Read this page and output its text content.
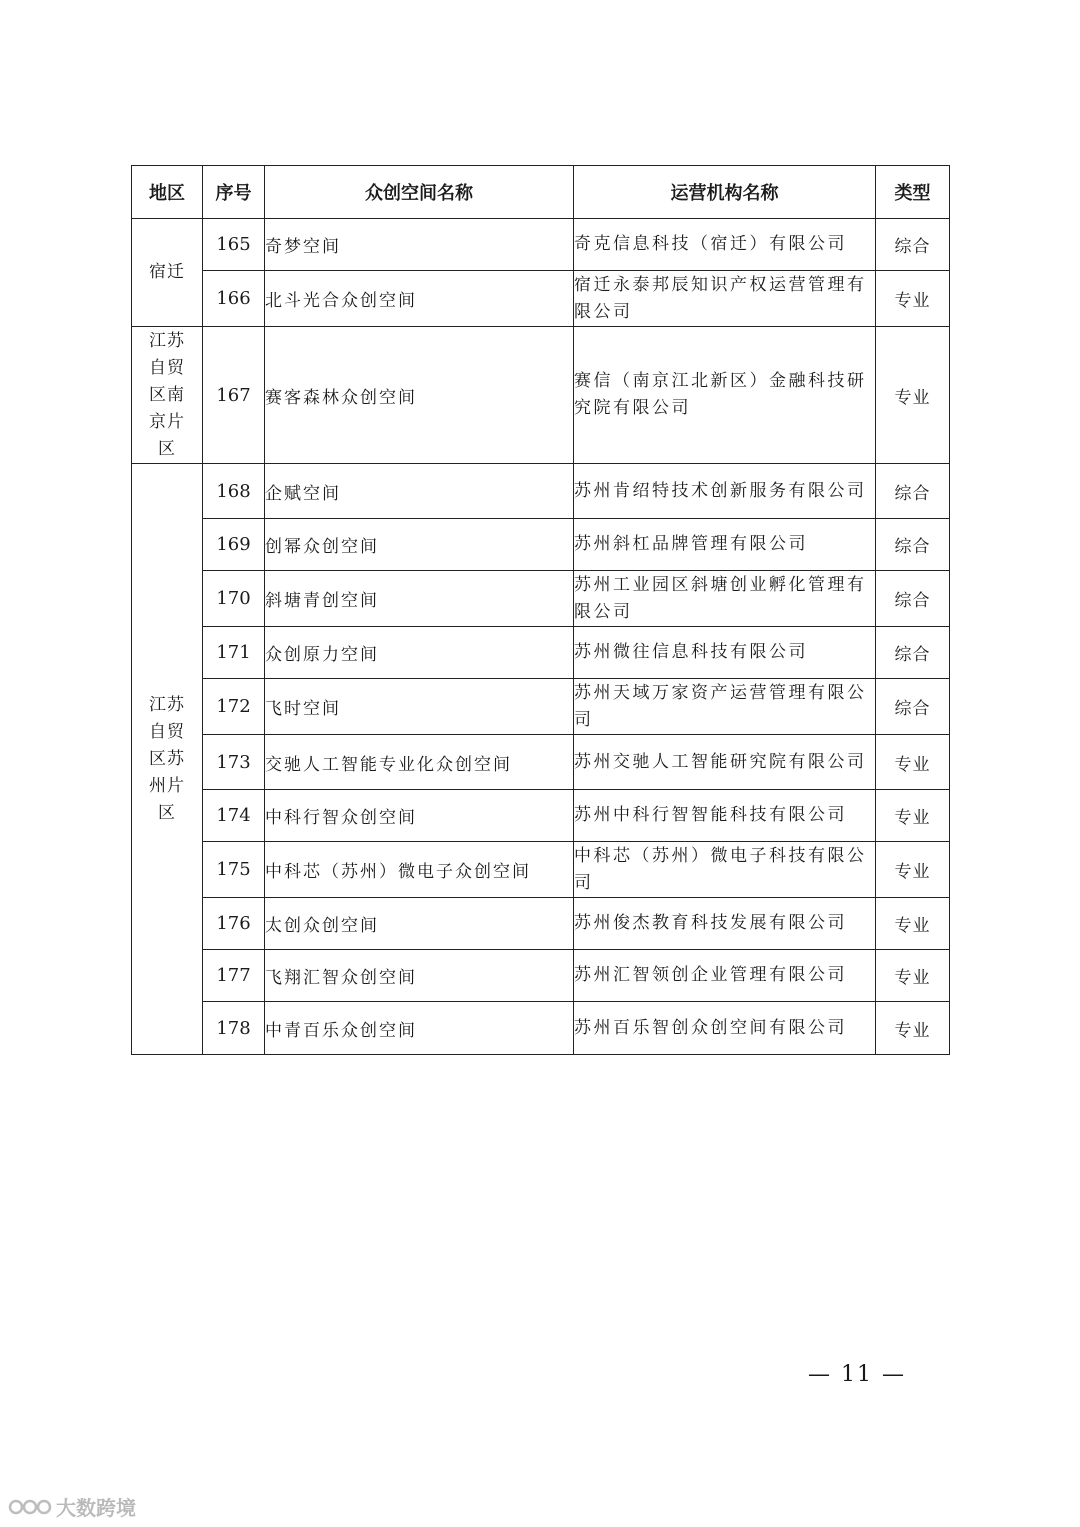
地区	序号	众创空间名称	运营机构名称	类型
宿迁	165	奇梦空间	奇克信息科技（宿迁）有限公司	综合
	166	北斗光合众创空间	宿迁永泰邦辰知识产权运营管理有限公司	专业
江苏自贸区南京片区	167	赛客森林众创空间	赛信（南京江北新区）金融科技研究院有限公司	专业
江苏自贸区苏州片区	168	企赋空间	苏州肯绍特技术创新服务有限公司	综合
	169	创幂众创空间	苏州斜杠品牌管理有限公司	综合
	170	斜塘青创空间	苏州工业园区斜塘创业孵化管理有限公司	综合
	171	众创原力空间	苏州微往信息科技有限公司	综合
	172	飞时空间	苏州天域万家资产运营管理有限公司	综合
	173	交驰人工智能专业化众创空间	苏州交驰人工智能研究院有限公司	专业
	174	中科行智众创空间	苏州中科行智智能科技有限公司	专业
	175	中科芯（苏州）微电子众创空间	中科芯（苏州）微电子科技有限公司	专业
	176	太创众创空间	苏州俊杰教育科技发展有限公司	专业
	177	飞翔汇智众创空间	苏州汇智领创企业管理有限公司	专业
	178	中青百乐众创空间	苏州百乐智创众创空间有限公司	专业
— 11 —
大数跨境
